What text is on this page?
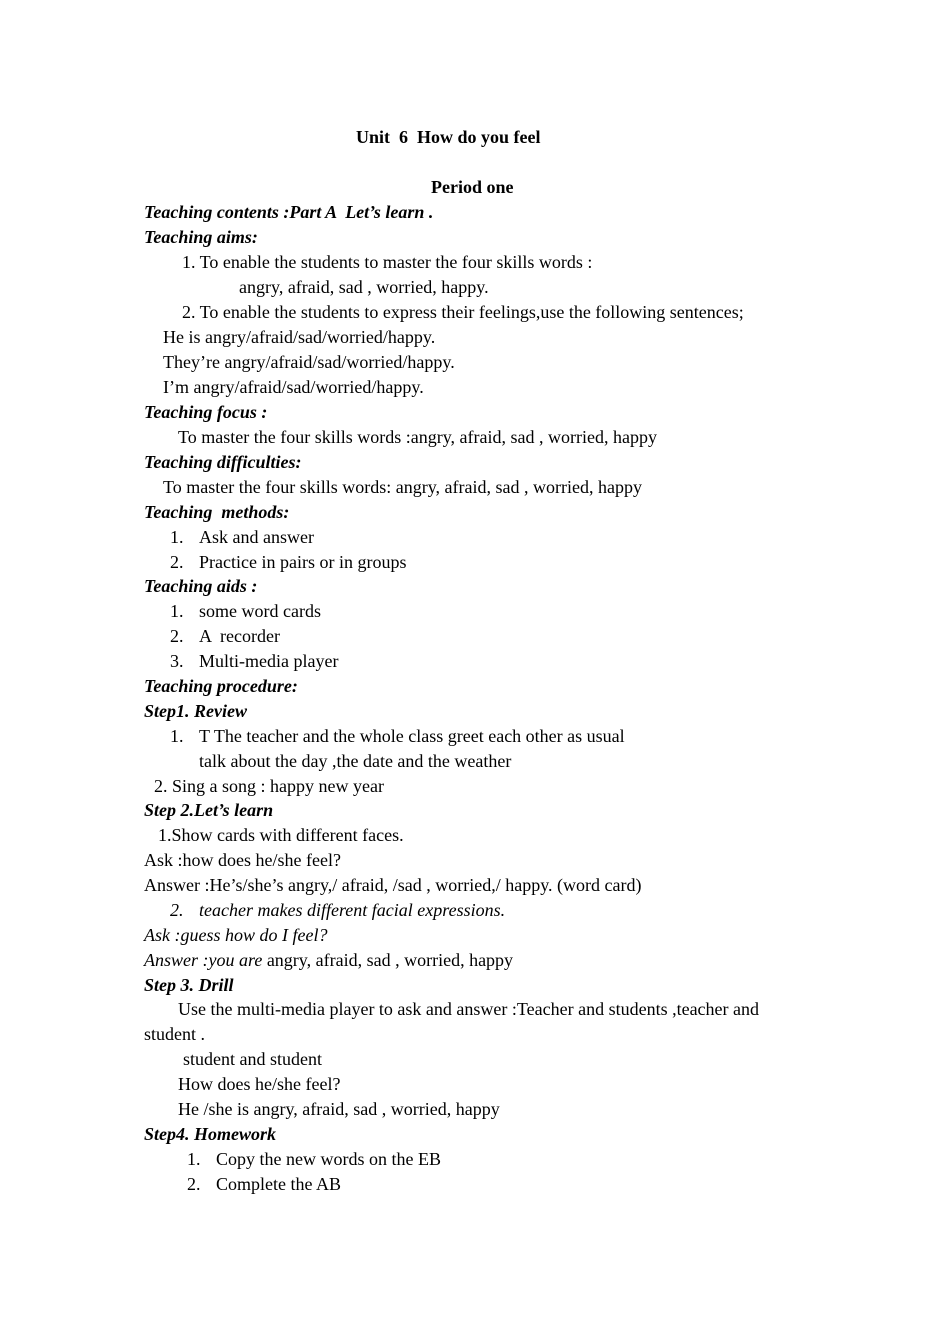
Unit  6  How do you feel
Period one
Teaching contents :Part A  Let’s learn .
Teaching aims:
1. To enable the students to master the four skills words :
angry, afraid, sad , worried, happy.
2. To enable the students to express their feelings,use the following sentences;
He is angry/afraid/sad/worried/happy.
They’re angry/afraid/sad/worried/happy.
I’m angry/afraid/sad/worried/happy.
Teaching focus :
To master the four skills words :angry, afraid, sad , worried, happy
Teaching difficulties:
To master the four skills words: angry, afraid, sad , worried, happy
Teaching  methods:
1. Ask and answer
2. Practice in pairs or in groups
Teaching aids :
1. some word cards
2. A  recorder
3. Multi-media player
Teaching procedure:
Step1. Review
1. T The teacher and the whole class greet each other as usual
talk about the day ,the date and the weather
2. Sing a song : happy new year
Step 2.Let’s learn
1.Show cards with different faces.
Ask :how does he/she feel?
Answer :He’s/she’s angry,/ afraid, /sad , worried,/ happy. (word card)
2. teacher makes different facial expressions.
Ask :guess how do I feel?
Answer :you are angry, afraid, sad , worried, happy
Step 3. Drill
Use the multi-media player to ask and answer :Teacher and students ,teacher and
student .
student and student
How does he/she feel?
He /she is angry, afraid, sad , worried, happy
Step4. Homework
1. Copy the new words on the EB
2. Complete the AB
